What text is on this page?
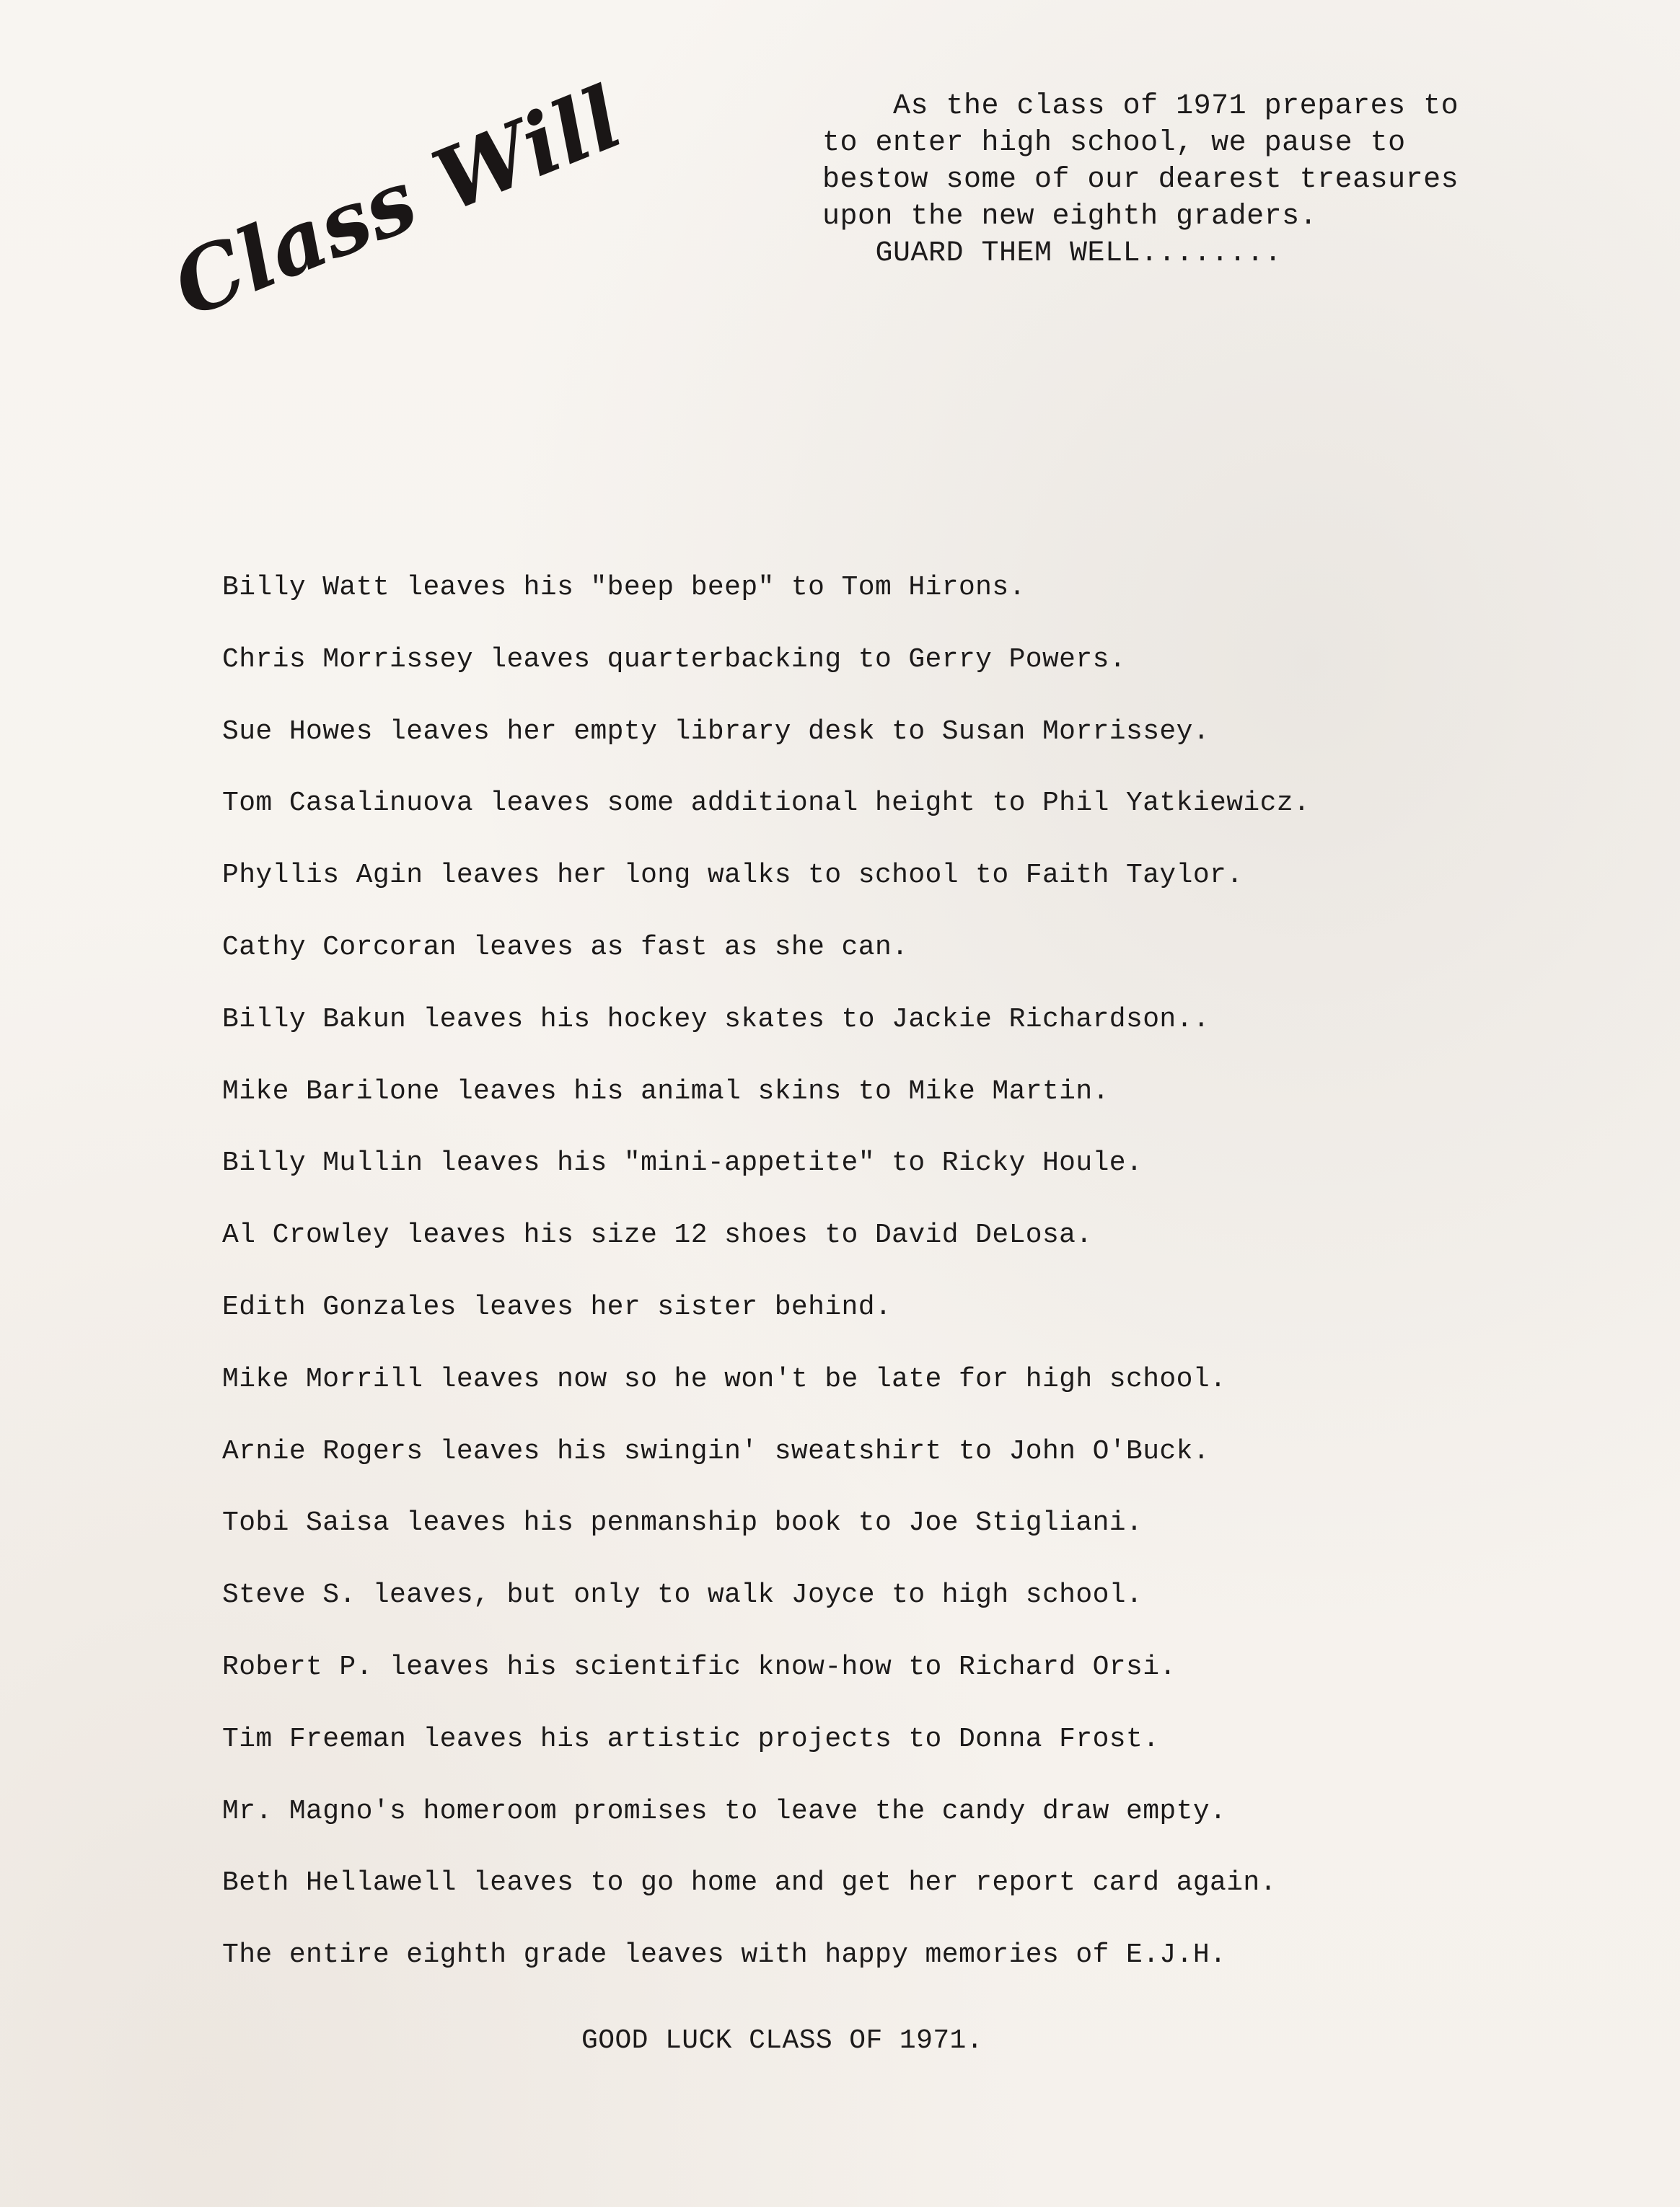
Class Will	As the class of 1971 prepares to
to enter high school, we pause to
bestow some of our dearest treasures
upon the new eighth graders.
GUARD THEM WELL........
Billy Watt leaves his "beep beep" to Tom Hirons.
Chris Morrissey leaves quarterbacking to Gerry Powers.
Sue Howes leaves her empty library desk to Susan Morrissey.
Tom Casalinuova leaves some additional height to Phil Yatkiewicz.
Phyllis Agin leaves her long walks to school to Faith Taylor.
Cathy Corcoran leaves as fast as she can.
Billy Bakun leaves his hockey skates to Jackie Richardson..
Mike Barilone leaves his animal skins to Mike Martin.
Billy Mullin leaves his "mini-appetite" to Ricky Houle.
Al Crowley leaves his size 12 shoes to David DeLosa.
Edith Gonzales leaves her sister behind.
Mike Morrill leaves now so he won't be late for high school.
Arnie Rogers leaves his swingin' sweatshirt to John O'Buck.
Tobi Saisa leaves his penmanship book to Joe Stigliani.
Steve S. leaves, but only to walk Joyce to high school.
Robert P. leaves his scientific know-how to Richard Orsi.
Tim Freeman leaves his artistic projects to Donna Frost.
Mr. Magno's homeroom promises to leave the candy draw empty.
Beth Hellawell leaves to go home and get her report card again.
The entire eighth grade leaves with happy memories of E.J.H.
GOOD LUCK CLASS OF 1971.
